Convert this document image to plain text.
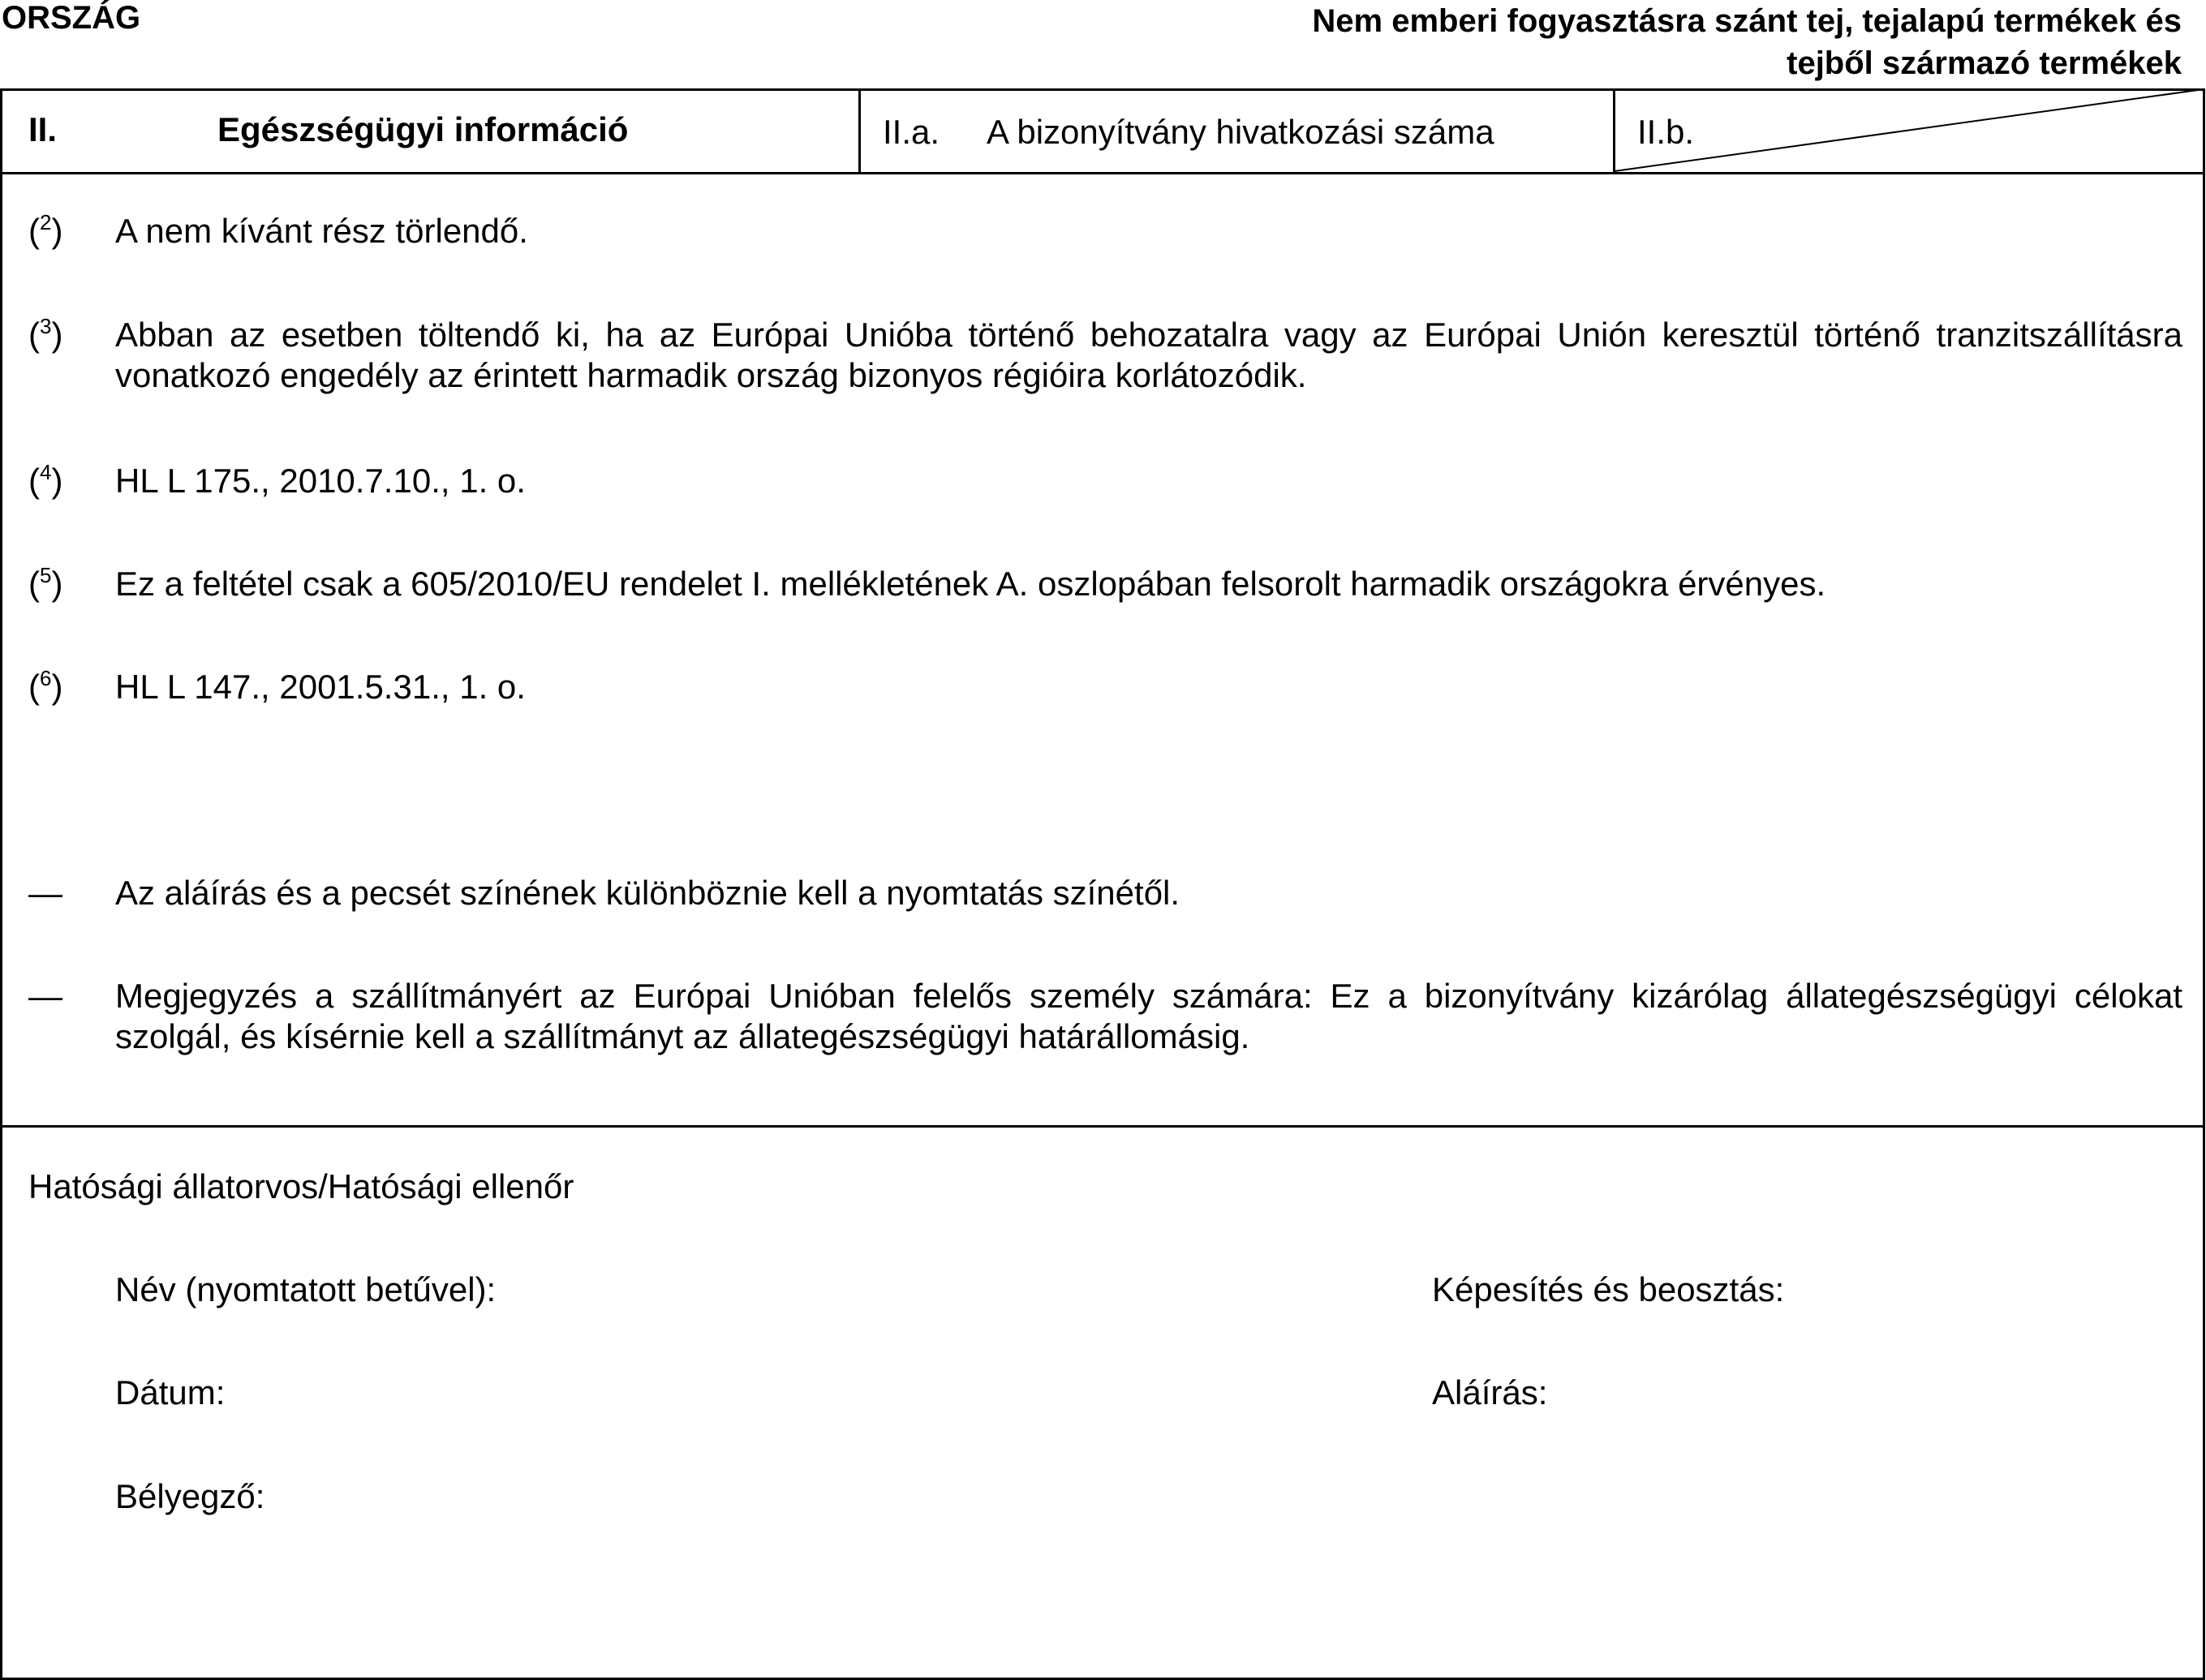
ORSZÁG	Nem emberi fogyasztásra szánt tej, tejalapú termékek és
tejből származó termékek
II.	Egészségügyi információ	II.a. A bizonyítvány hivatkozási száma	II.b.
($^2$) A nem kívánt rész törlendő.
($^3$) Abban az esetben töltendő ki, ha az Európai Unióba történő behozatalra vagy az Európai Unión keresztül történő tranzitszállításra vonatkozó engedély az érintett harmadik ország bizonyos régióira korlátozódik.
($^4$) HL L 175., 2010.7.10., 1. o.
($^5$) Ez a feltétel csak a 605/2010/EU rendelet I. mellékletének A. oszlopában felsorolt harmadik országokra érvényes.
($^6$) HL L 147., 2001.5.31., 1. o.
— Az aláírás és a pecsét színének különböznie kell a nyomtatás színétől.
— Megjegyzés a szállítmányért az Európai Unióban felelős személy számára: Ez a bizonyítvány kizárólag állategészségügyi célokat szolgál, és kísérnie kell a szállítmányt az állategészségügyi határállomásig.
Hatósági állatorvos/Hatósági ellenőr
Név (nyomtatott betűvel):	Képesítés és beosztás:
Dátum:	Aláírás:
Bélyegző:
